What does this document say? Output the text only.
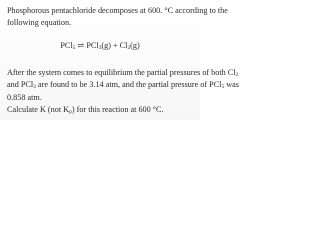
Phosphorous pentachloride decomposes at 600. °C according to the
following equation.
PCl$_5$ ⇌ $PCl_3(g) + Cl_2(g)$
After the system comes to equilibrium the partial pressures of both $Cl_2$
and PCl$_3$ are found to be 3.14 atm, and the partial pressure of PCl$_5$ was
0.858 atm.
Calculate K (not $K_p$) for this reaction at 600 °C.
